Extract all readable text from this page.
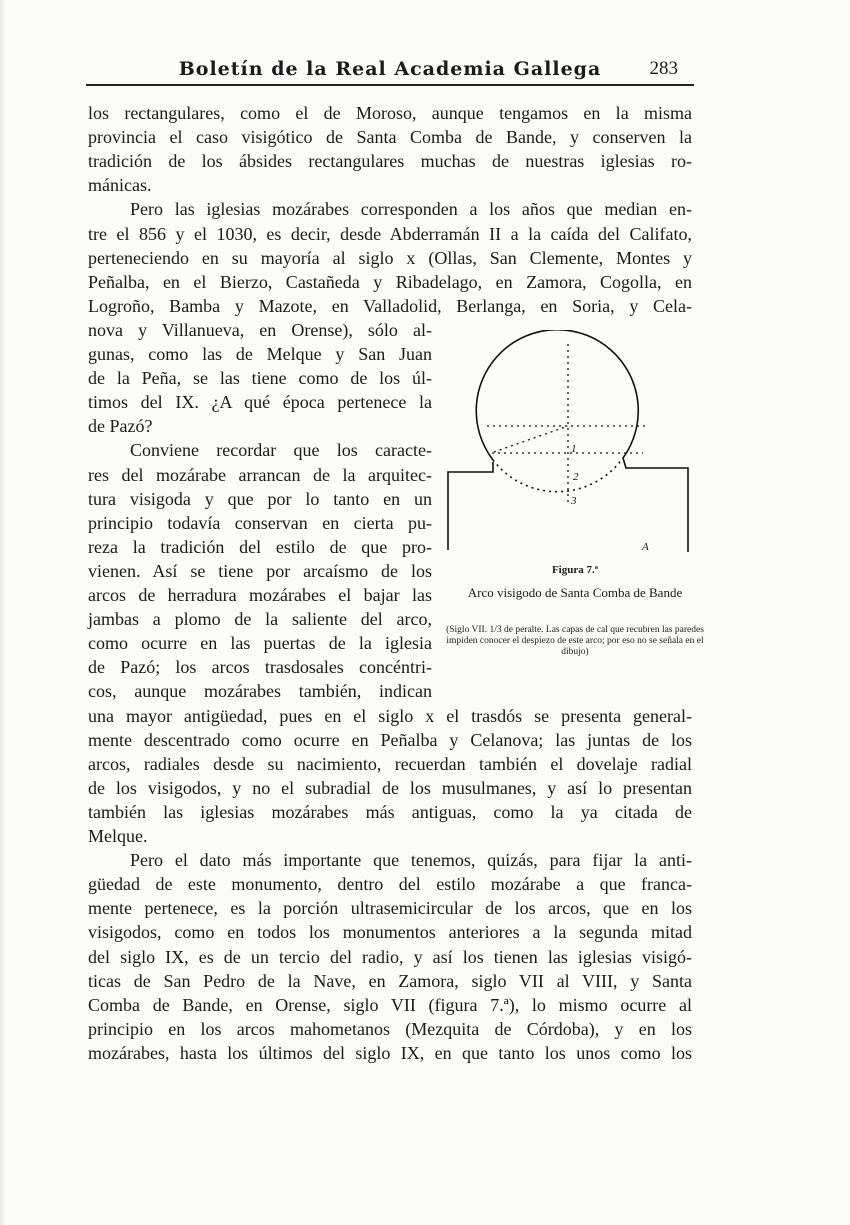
Boletín de la Real Academia Gallega	283
los rectangulares, como el de Moroso, aunque tengamos en la misma
provincia el caso visigótico de Santa Comba de Bande, y conserven la
tradición de los ábsides rectangulares muchas de nuestras iglesias ro-
mánicas.
Pero las iglesias mozárabes corresponden a los años que median en-
tre el 856 y el 1030, es decir, desde Abderramán II a la caída del Califato,
perteneciendo en su mayoría al siglo x (Ollas, San Clemente, Montes y
Peñalba, en el Bierzo, Castañeda y Ribadelago, en Zamora, Cogolla, en
Logroño, Bamba y Mazote, en Valladolid, Berlanga, en Soria, y Cela-
nova y Villanueva, en Orense), sólo al-
gunas, como las de Melque y San Juan
de la Peña, se las tiene como de los úl-
timos del IX. ¿A qué época pertenece la
de Pazó?
Conviene recordar que los caracte-
res del mozárabe arrancan de la arquitec-
tura visigoda y que por lo tanto en un
principio todavía conservan en cierta pu-
reza la tradición del estilo de que pro-
vienen. Así se tiene por arcaísmo de los
arcos de herradura mozárabes el bajar las
jambas a plomo de la saliente del arco,
como ocurre en las puertas de la iglesia
de Pazó; los arcos trasdosales concéntri-
cos, aunque mozárabes también, indican
una mayor antigüedad, pues en el siglo x el trasdós se presenta general-
mente descentrado como ocurre en Peñalba y Celanova; las juntas de los
arcos, radiales desde su nacimiento, recuerdan también el dovelaje radial
de los visigodos, y no el subradial de los musulmanes, y así lo presentan
también las iglesias mozárabes más antiguas, como la ya citada de
Melque.
Pero el dato más importante que tenemos, quizás, para fijar la anti-
güedad de este monumento, dentro del estilo mozárabe a que franca-
mente pertenece, es la porción ultrasemicircular de los arcos, que en los
visigodos, como en todos los monumentos anteriores a la segunda mitad
del siglo IX, es de un tercio del radio, y así los tienen las iglesias visigó-
ticas de San Pedro de la Nave, en Zamora, siglo VII al VIII, y Santa
Comba de Bande, en Orense, siglo VII (figura 7.ª), lo mismo ocurre al
principio en los arcos mahometanos (Mezquita de Córdoba), y en los
mozárabes, hasta los últimos del siglo IX, en que tanto los unos como los
1
2
3
A
Figura 7.ª
Arco visigodo de Santa Comba de Bande
(Siglo VII. 1/3 de peralte. Las capas de cal que recubren las paredes impiden conocer el despiezo de este arco; por eso no se señala en el dibujo)
